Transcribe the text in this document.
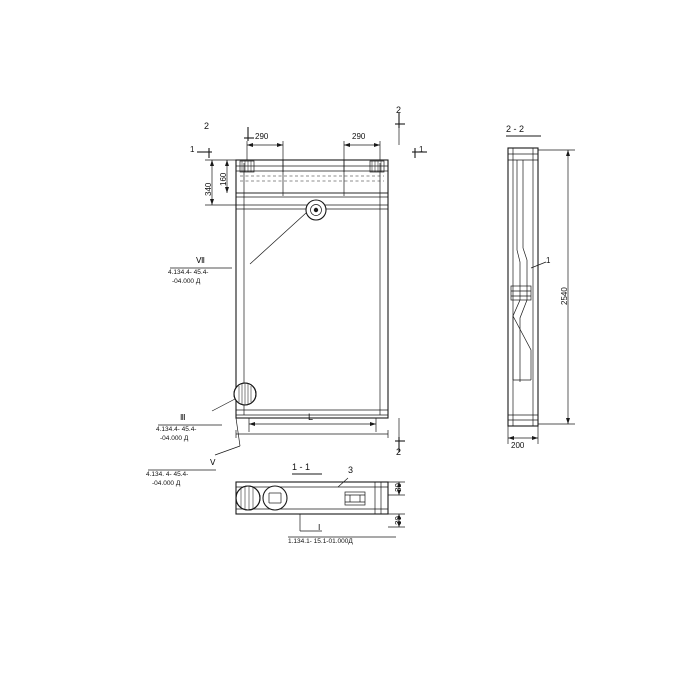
290	290
340
160
L
2
2
1	1
2
Ⅶ
4.134.4- 45.4-
-04.000 Д
Ⅲ
4.134.4- 45.4-
-04.000 Д
Ⅴ
4.134. 4- 45.4-
-04.000 Д
2 - 2
1
2540
200
1 - 1	3
Ⅰ
1.134.1- 15.1-01.000Д
30
30
